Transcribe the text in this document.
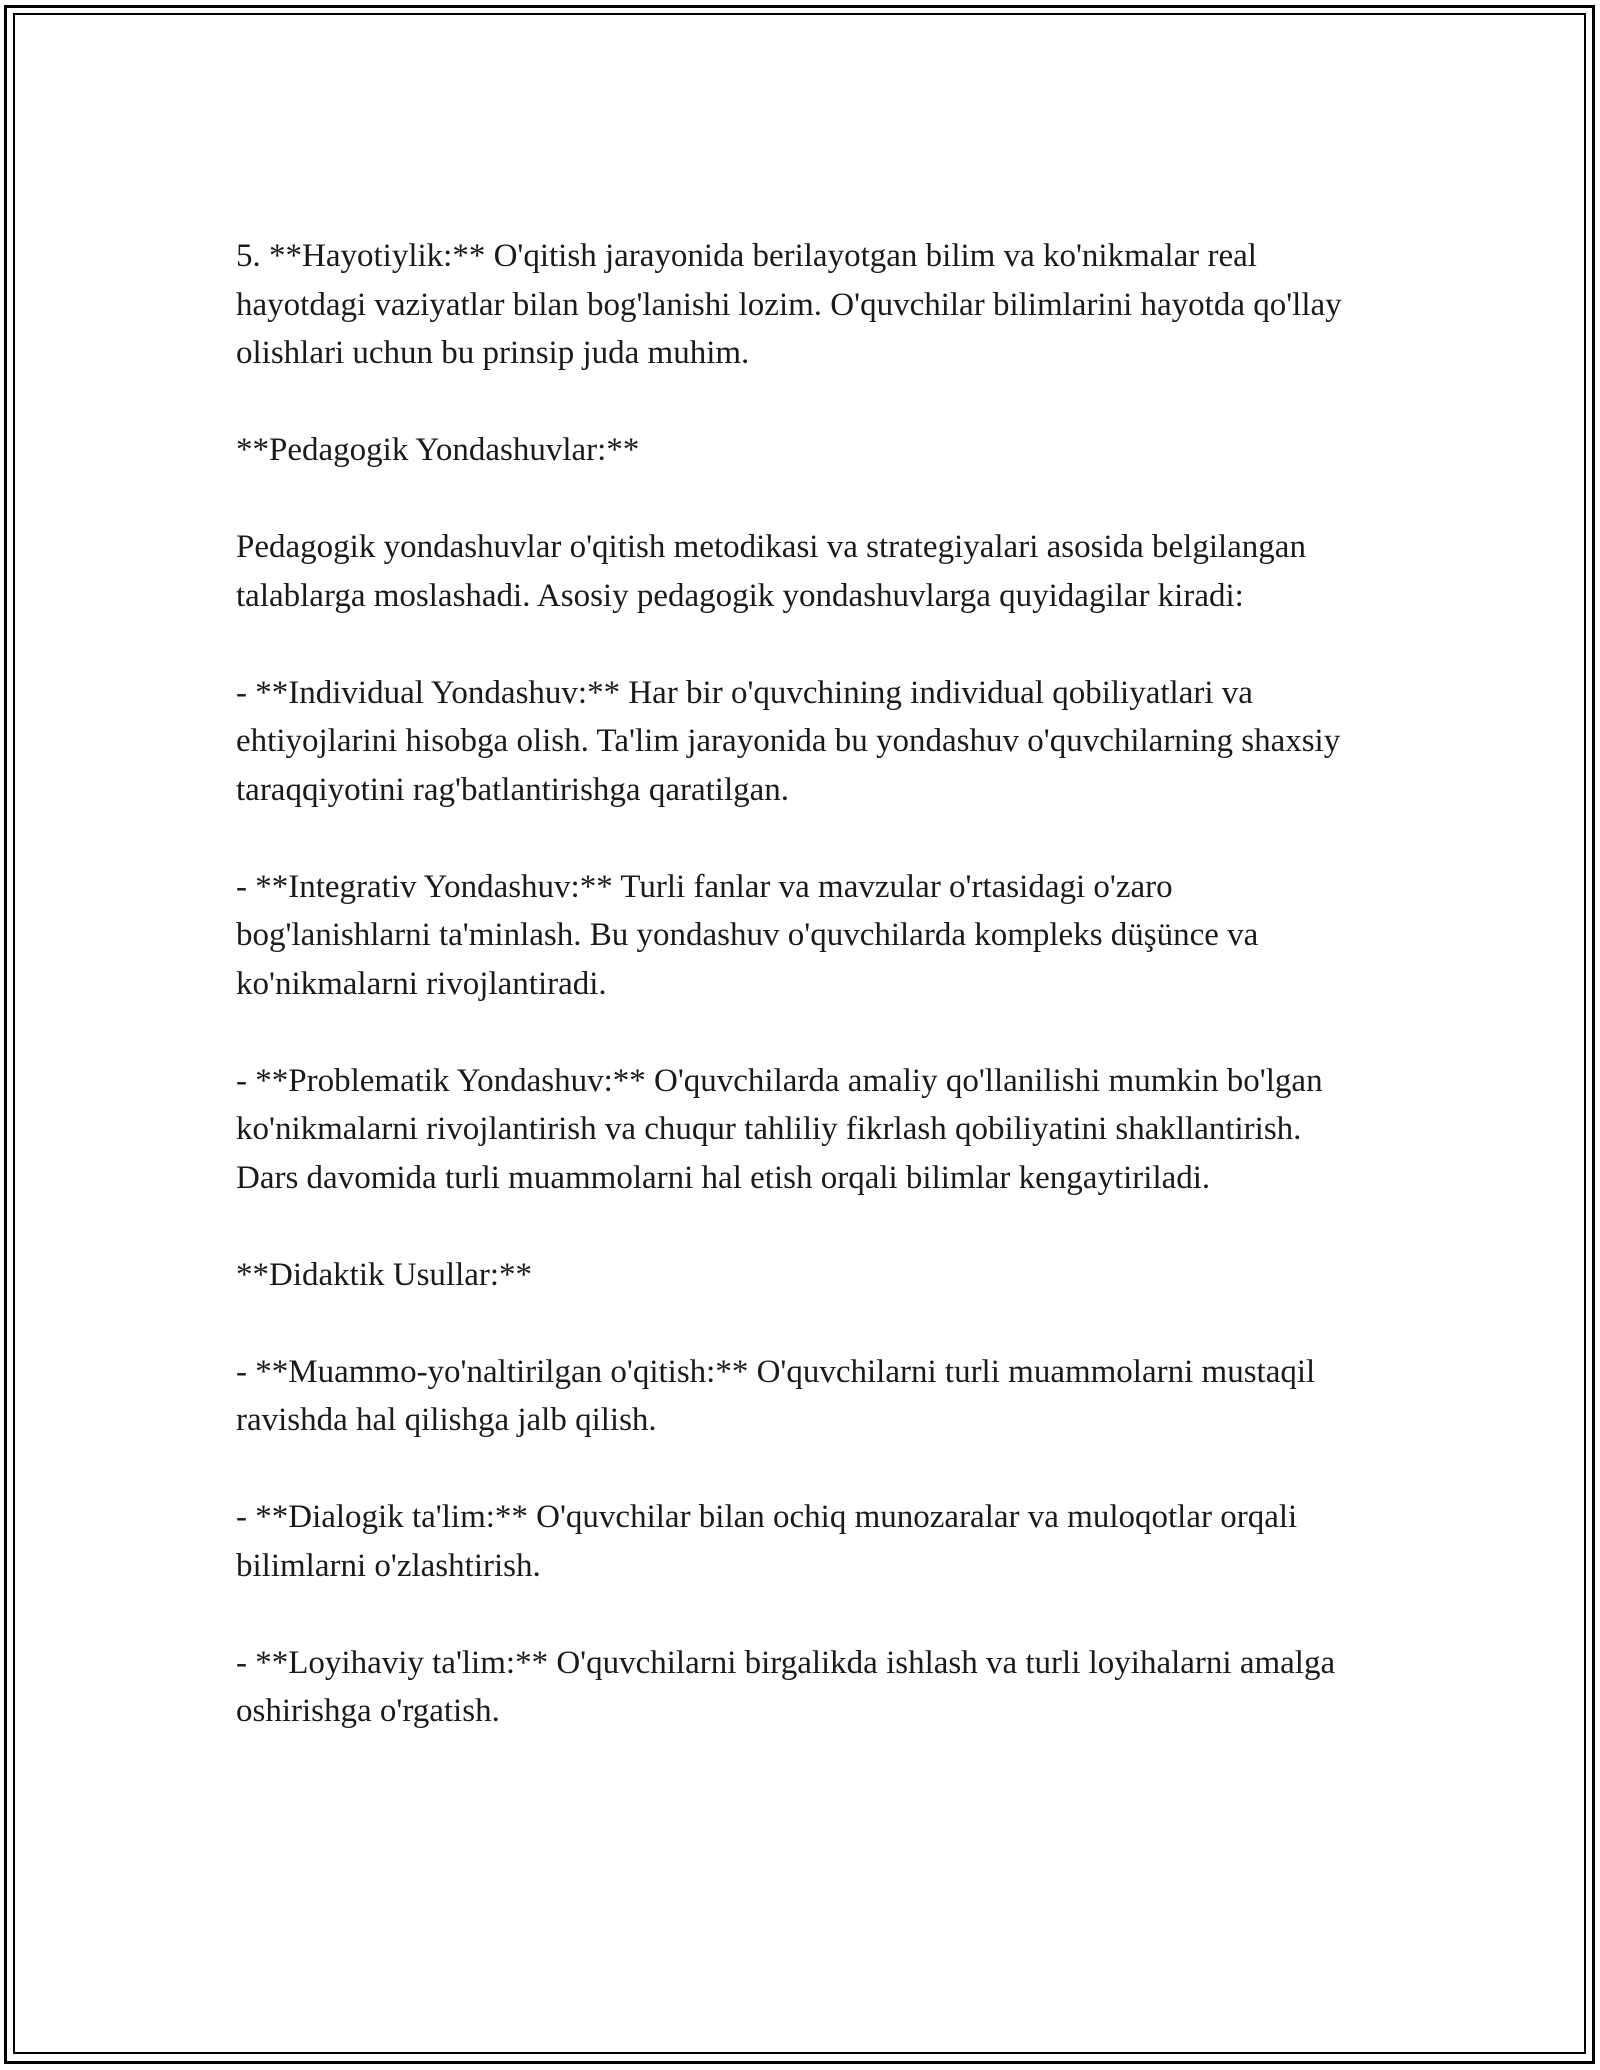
5. **Hayotiylik:** O'qitish jarayonida berilayotgan bilim va ko'nikmalar real hayotdagi vaziyatlar bilan bog'lanishi lozim. O'quvchilar bilimlarini hayotda qo'llay olishlari uchun bu prinsip juda muhim.

**Pedagogik Yondashuvlar:**

Pedagogik yondashuvlar o'qitish metodikasi va strategiyalari asosida belgilangan talablarga moslashadi. Asosiy pedagogik yondashuvlarga quyidagilar kiradi:

- **Individual Yondashuv:** Har bir o'quvchining individual qobiliyatlari va ehtiyojlarini hisobga olish. Ta'lim jarayonida bu yondashuv o'quvchilarning shaxsiy taraqqiyotini rag'batlantirishga qaratilgan.

- **Integrativ Yondashuv:** Turli fanlar va mavzular o'rtasidagi o'zaro bog'lanishlarni ta'minlash. Bu yondashuv o'quvchilarda kompleks düşünce va ko'nikmalarni rivojlantiradi.

- **Problematik Yondashuv:** O'quvchilarda amaliy qo'llanilishi mumkin bo'lgan ko'nikmalarni rivojlantirish va chuqur tahliliy fikrlash qobiliyatini shakllantirish. Dars davomida turli muammolarni hal etish orqali bilimlar kengaytiriladi.

**Didaktik Usullar:**

- **Muammo-yo'naltirilgan o'qitish:** O'quvchilarni turli muammolarni mustaqil ravishda hal qilishga jalb qilish.

- **Dialogik ta'lim:** O'quvchilar bilan ochiq munozaralar va muloqotlar orqali bilimlarni o'zlashtirish.

- **Loyihaviy ta'lim:** O'quvchilarni birgalikda ishlash va turli loyihalarni amalga oshirishga o'rgatish.
